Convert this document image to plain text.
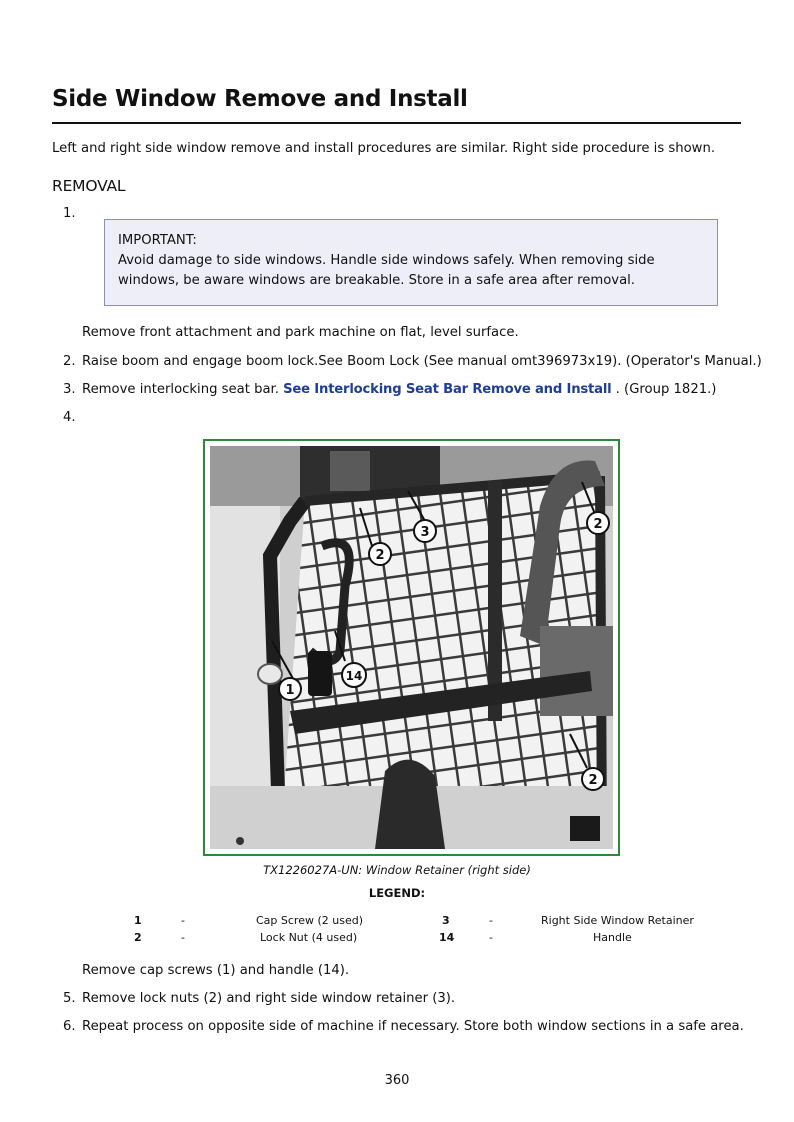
Side Window Remove and Install

Left and right side window remove and install procedures are similar. Right side procedure is shown.

REMOVAL
1.

IMPORTANT:

Avoid damage to side windows. Handle side windows safely. When removing side windows, be aware windows are breakable. Store in a safe area after removal.

Remove front attachment and park machine on flat, level surface.
2. Raise boom and engage boom lock.See Boom Lock (See manual omt396973x19). (Operator's Manual.)
3. Remove interlocking seat bar. See Interlocking Seat Bar Remove and Install . (Group 1821.)
4.
3
2
2
2
1
14
TX1226027A-UN: Window Retainer (right side)
LEGEND:
1	-	Cap Screw (2 used)	3	-	Right Side Window Retainer
2	-	Lock Nut (4 used)	14	-	Handle
Remove cap screws (1) and handle (14).
5. Remove lock nuts (2) and right side window retainer (3).
6. Repeat process on opposite side of machine if necessary. Store both window sections in a safe area.
360
